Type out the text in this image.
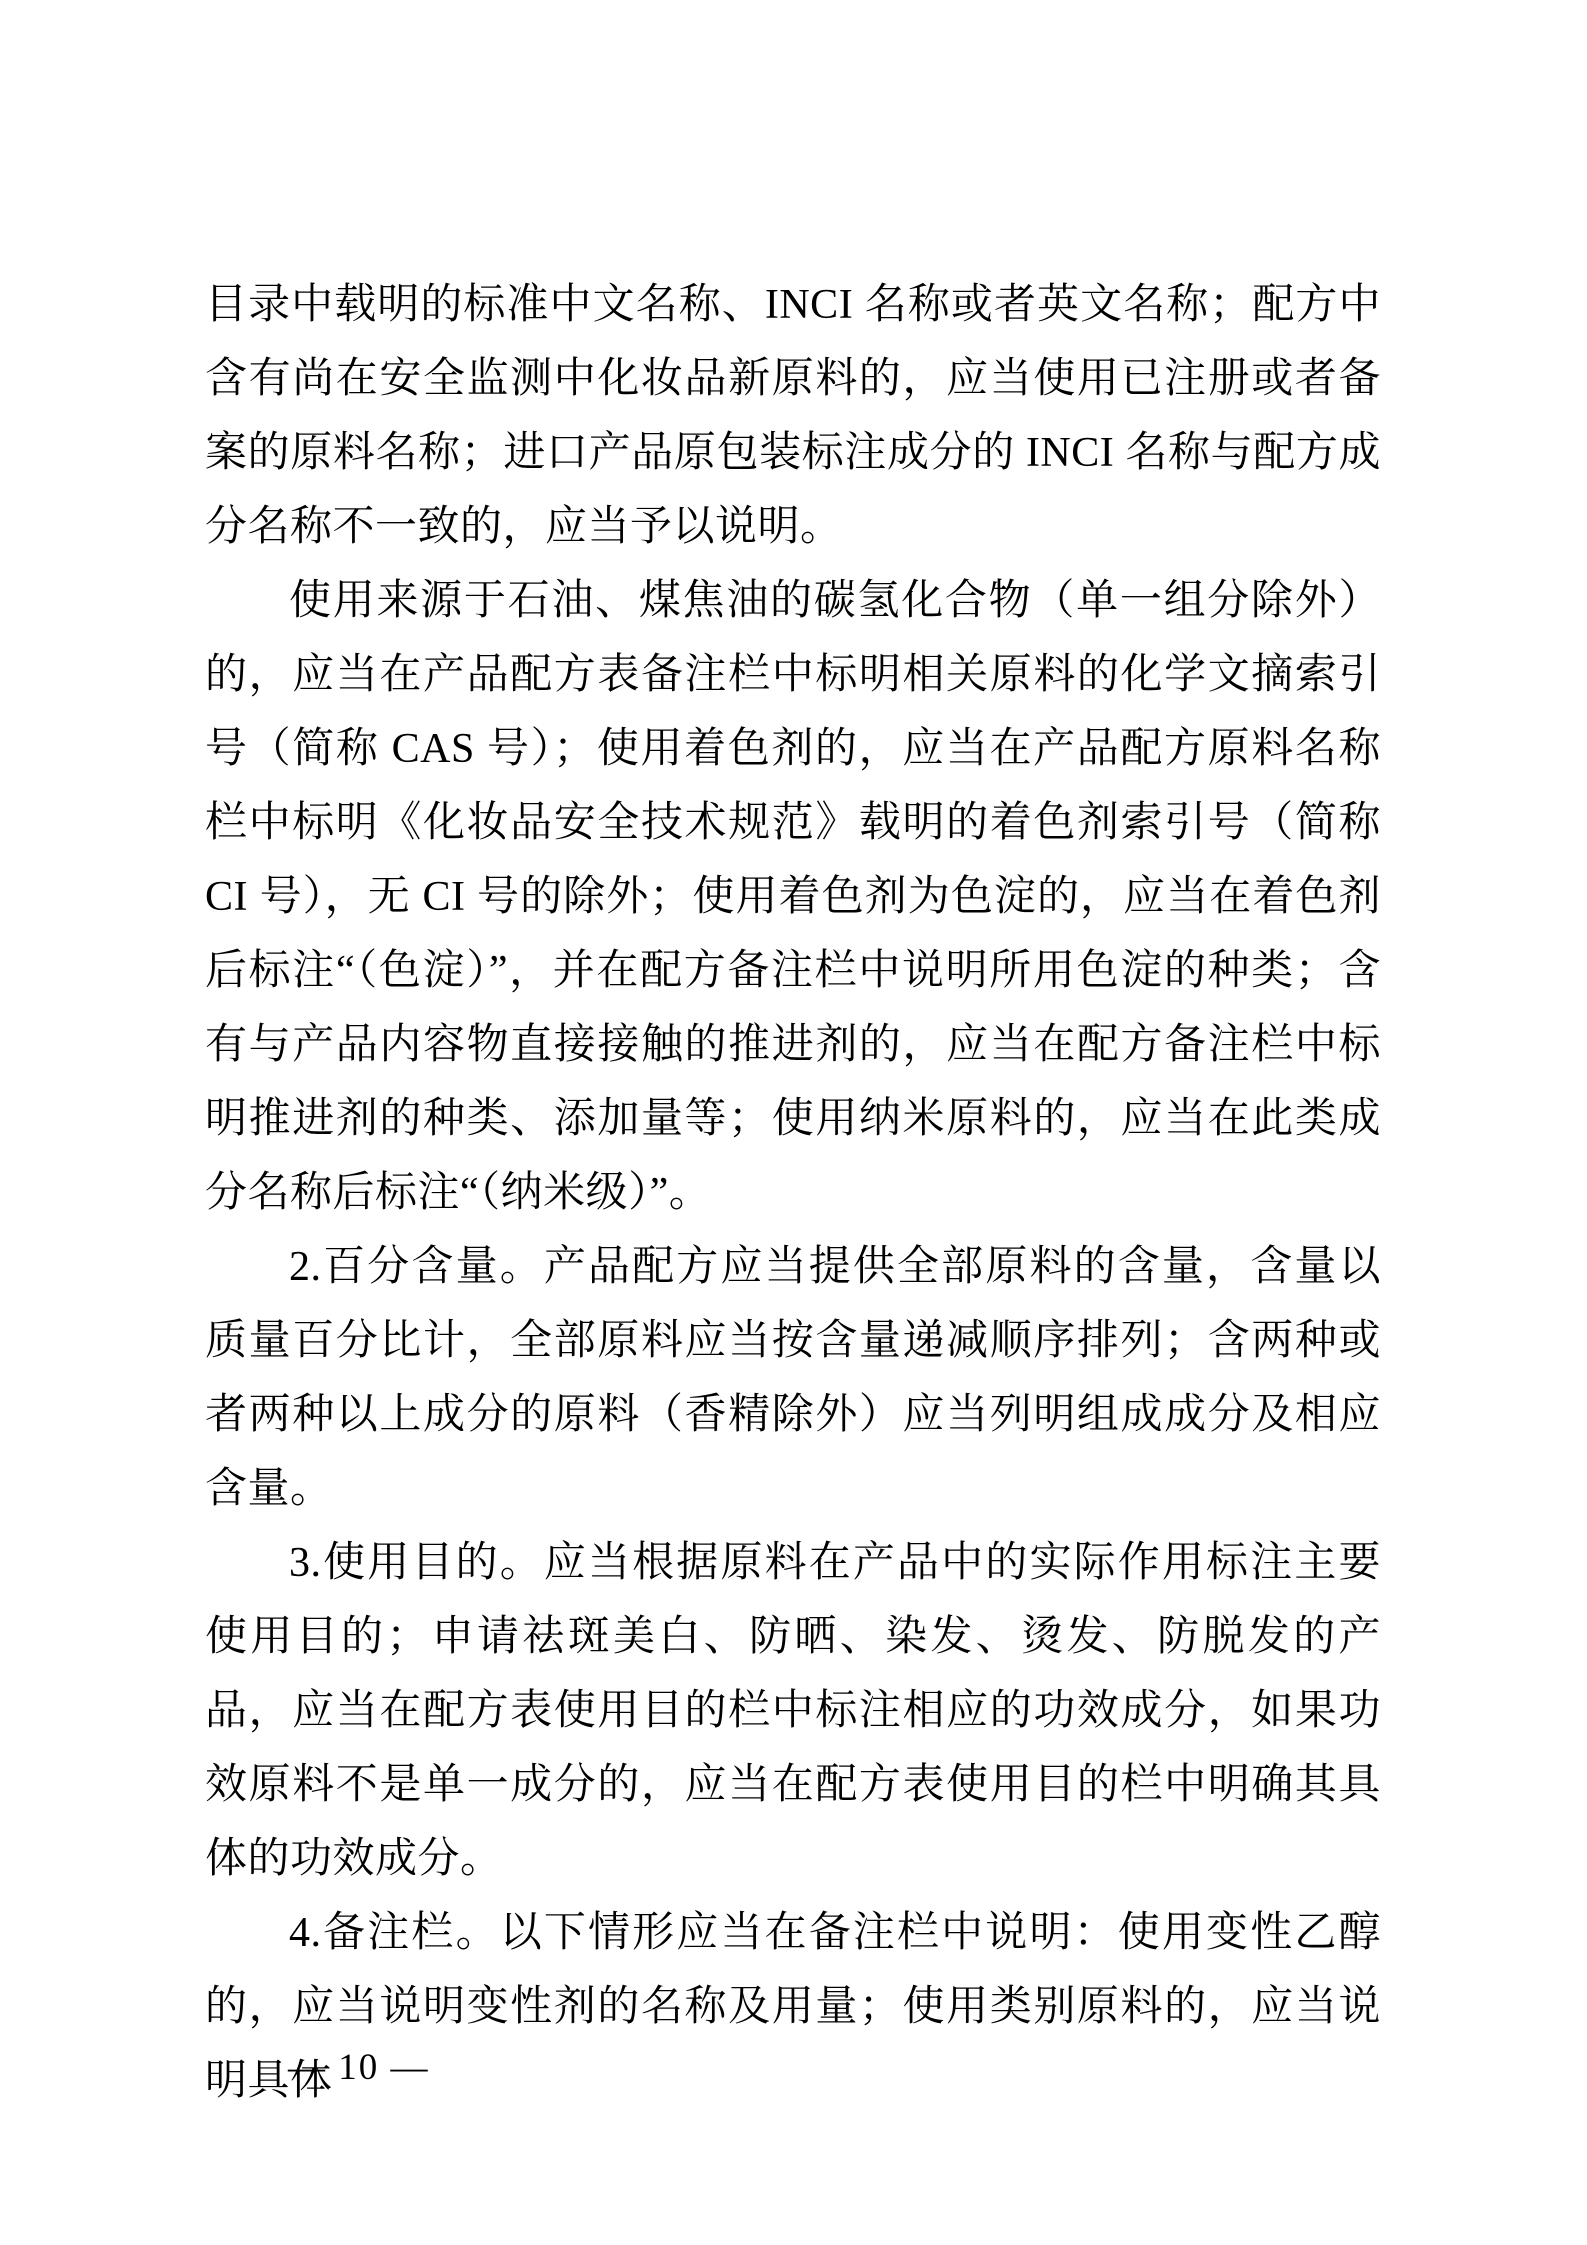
目录中载明的标准中文名称、INCI 名称或者英文名称；配方中含有尚在安全监测中化妆品新原料的，应当使用已注册或者备案的原料名称；进口产品原包装标注成分的 INCI 名称与配方成分名称不一致的，应当予以说明。

使用来源于石油、煤焦油的碳氢化合物（单一组分除外）的，应当在产品配方表备注栏中标明相关原料的化学文摘索引号（简称 CAS 号）；使用着色剂的，应当在产品配方原料名称栏中标明《化妆品安全技术规范》载明的着色剂索引号（简称 CI 号），无 CI 号的除外；使用着色剂为色淀的，应当在着色剂后标注“（色淀）”，并在配方备注栏中说明所用色淀的种类；含有与产品内容物直接接触的推进剂的，应当在配方备注栏中标明推进剂的种类、添加量等；使用纳米原料的，应当在此类成分名称后标注“（纳米级）”。

2.百分含量。产品配方应当提供全部原料的含量，含量以质量百分比计，全部原料应当按含量递减顺序排列；含两种或者两种以上成分的原料（香精除外）应当列明组成成分及相应含量。

3.使用目的。应当根据原料在产品中的实际作用标注主要使用目的；申请祛斑美白、防晒、染发、烫发、防脱发的产品，应当在配方表使用目的栏中标注相应的功效成分，如果功效原料不是单一成分的，应当在配方表使用目的栏中明确其具体的功效成分。

4.备注栏。以下情形应当在备注栏中说明：使用变性乙醇的，应当说明变性剂的名称及用量；使用类别原料的，应当说明具体

— 10 —
